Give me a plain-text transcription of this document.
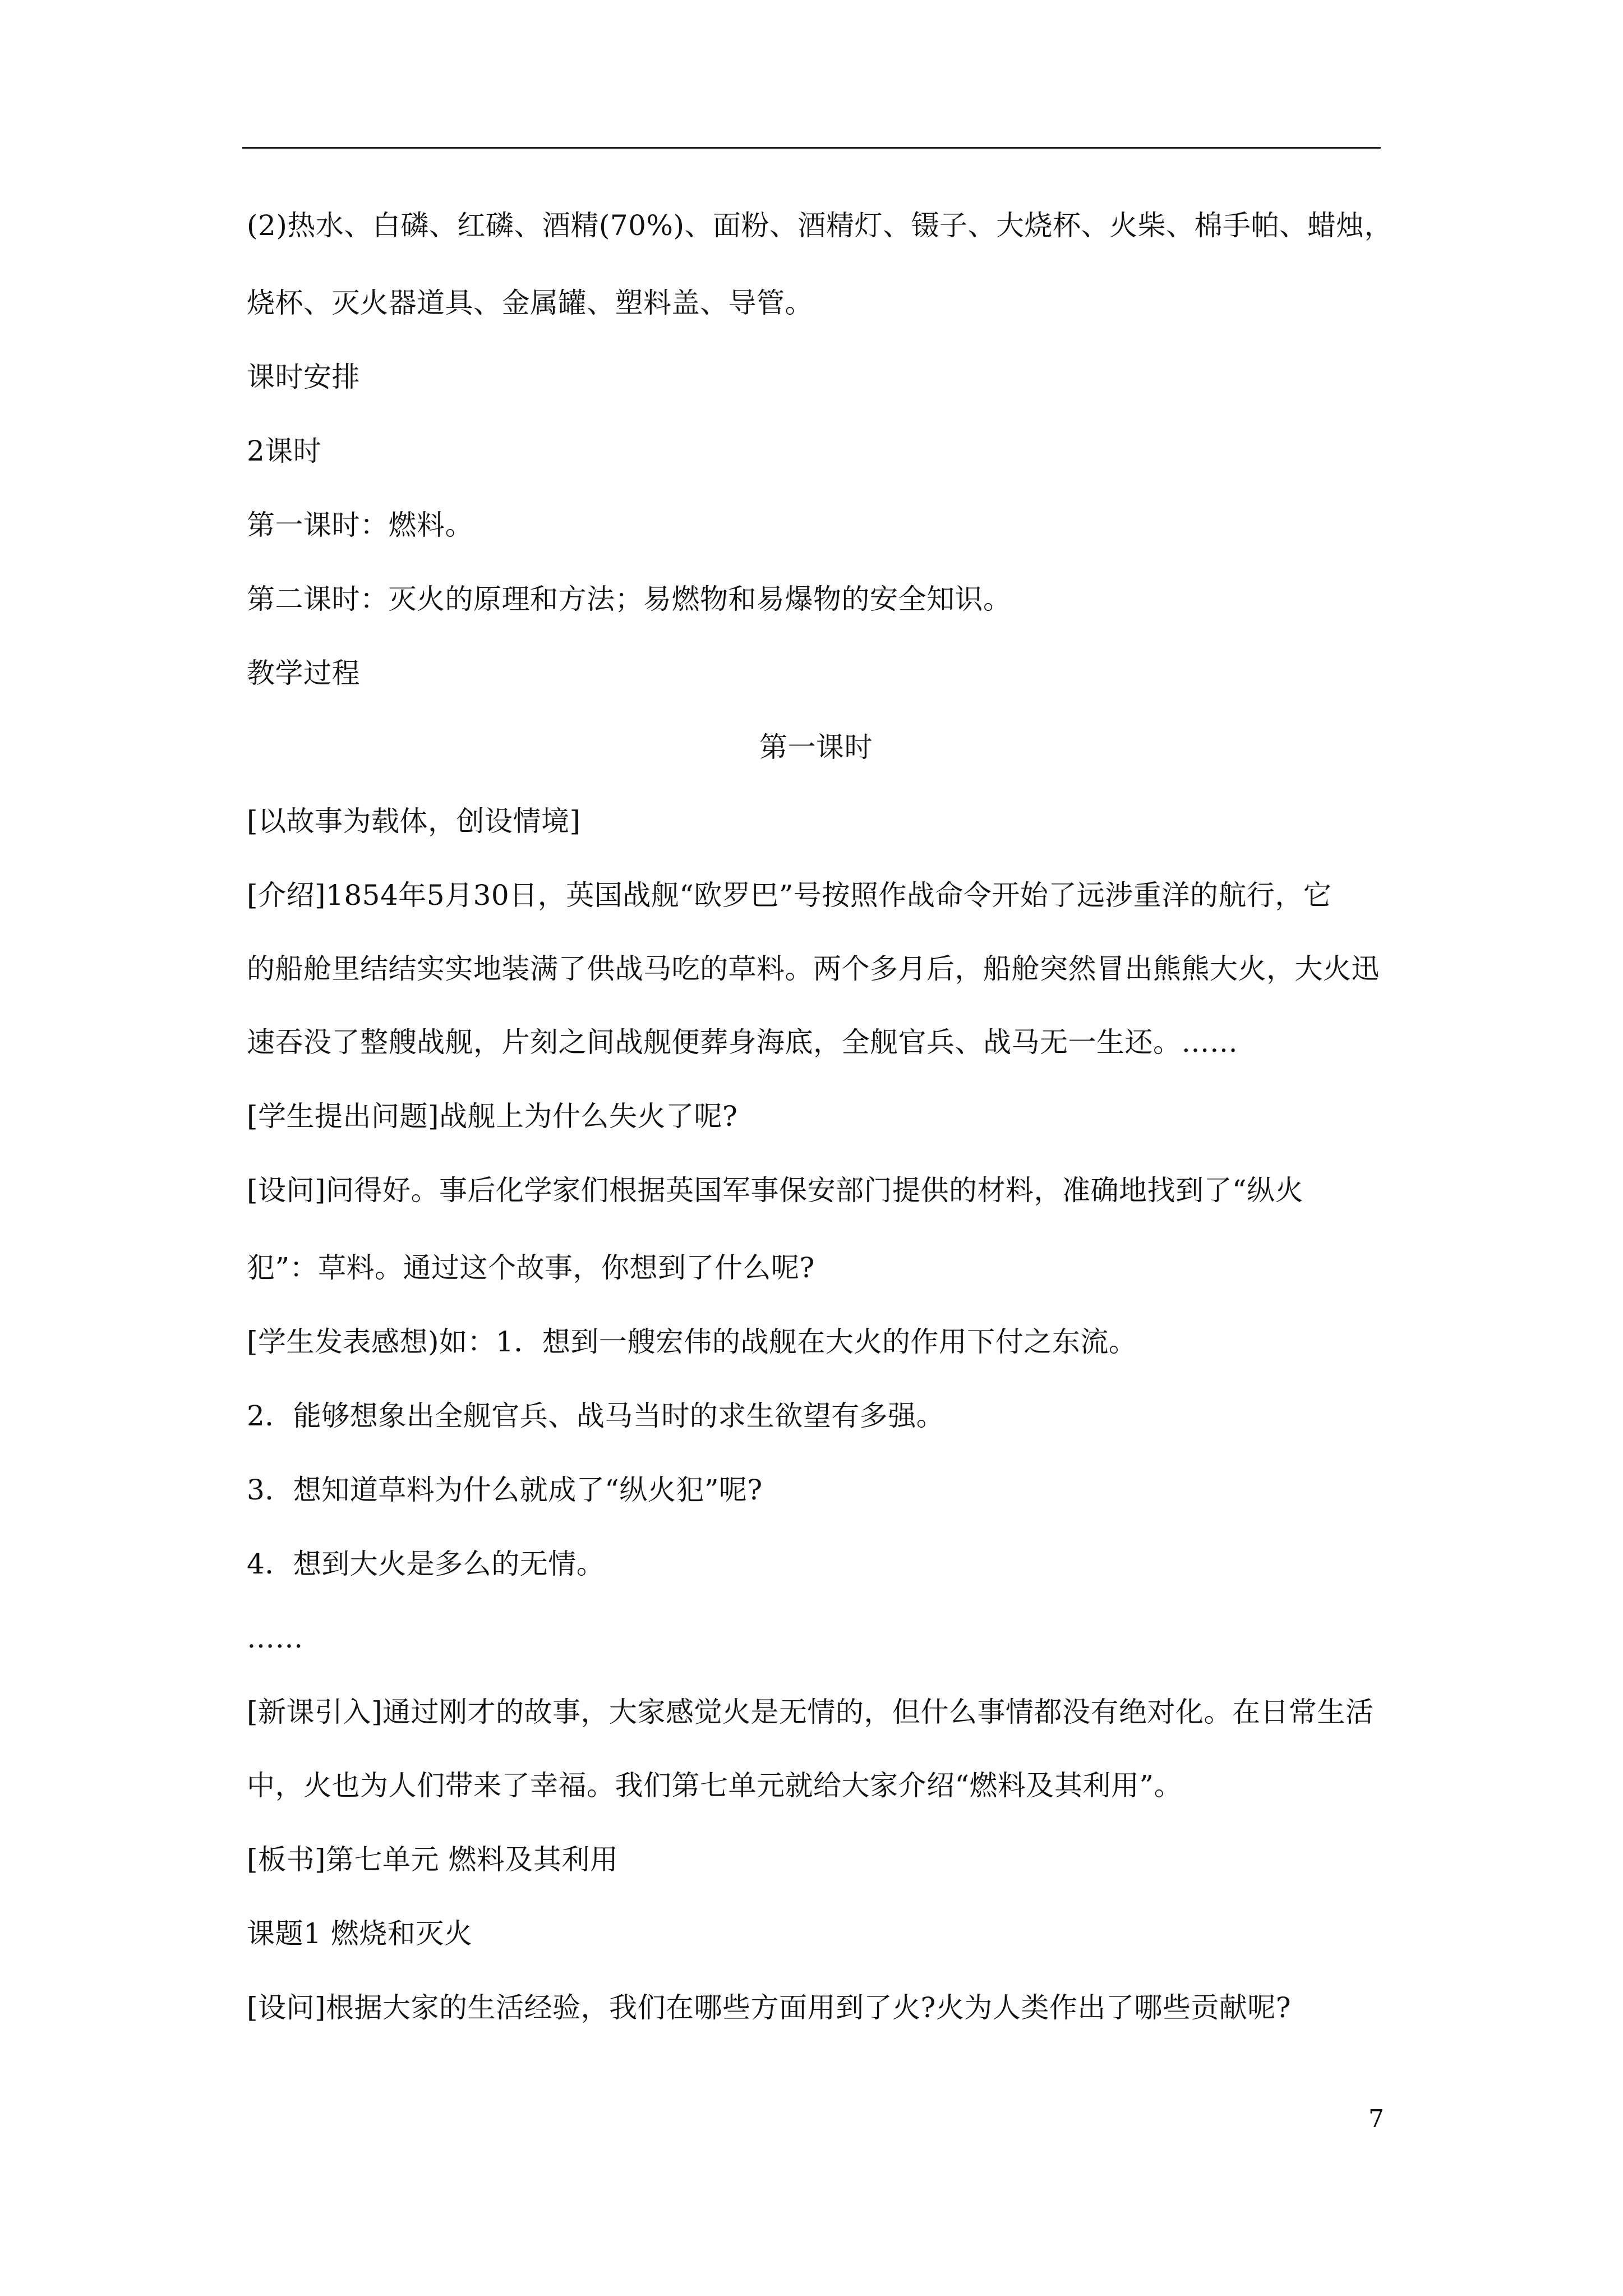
(2)热水、白磷、红磷、酒精(70%)、面粉、酒精灯、镊子、大烧杯、火柴、棉手帕、蜡烛，

烧杯、灭火器道具、金属罐、塑料盖、导管。

课时安排

2课时

第一课时：燃料。

第二课时：灭火的原理和方法；易燃物和易爆物的安全知识。

教学过程

第一课时

[以故事为载体，创设情境]

[介绍]1854年5月30日，英国战舰“欧罗巴”号按照作战命令开始了远涉重洋的航行，它
的船舱里结结实实地装满了供战马吃的草料。两个多月后，船舱突然冒出熊熊大火，大火迅
速吞没了整艘战舰，片刻之间战舰便葬身海底，全舰官兵、战马无一生还。……

[学生提出问题]战舰上为什么失火了呢?

[设问]问得好。事后化学家们根据英国军事保安部门提供的材料，准确地找到了“纵火
犯”：草料。通过这个故事，你想到了什么呢?

[学生发表感想)如：1．想到一艘宏伟的战舰在大火的作用下付之东流。

2．能够想象出全舰官兵、战马当时的求生欲望有多强。

3．想知道草料为什么就成了“纵火犯”呢?

4．想到大火是多么的无情。

……

[新课引入]通过刚才的故事，大家感觉火是无情的，但什么事情都没有绝对化。在日常生活
中，火也为人们带来了幸福。我们第七单元就给大家介绍“燃料及其利用”。

[板书]第七单元 燃料及其利用

课题1 燃烧和灭火

[设问]根据大家的生活经验，我们在哪些方面用到了火?火为人类作出了哪些贡献呢?

7
